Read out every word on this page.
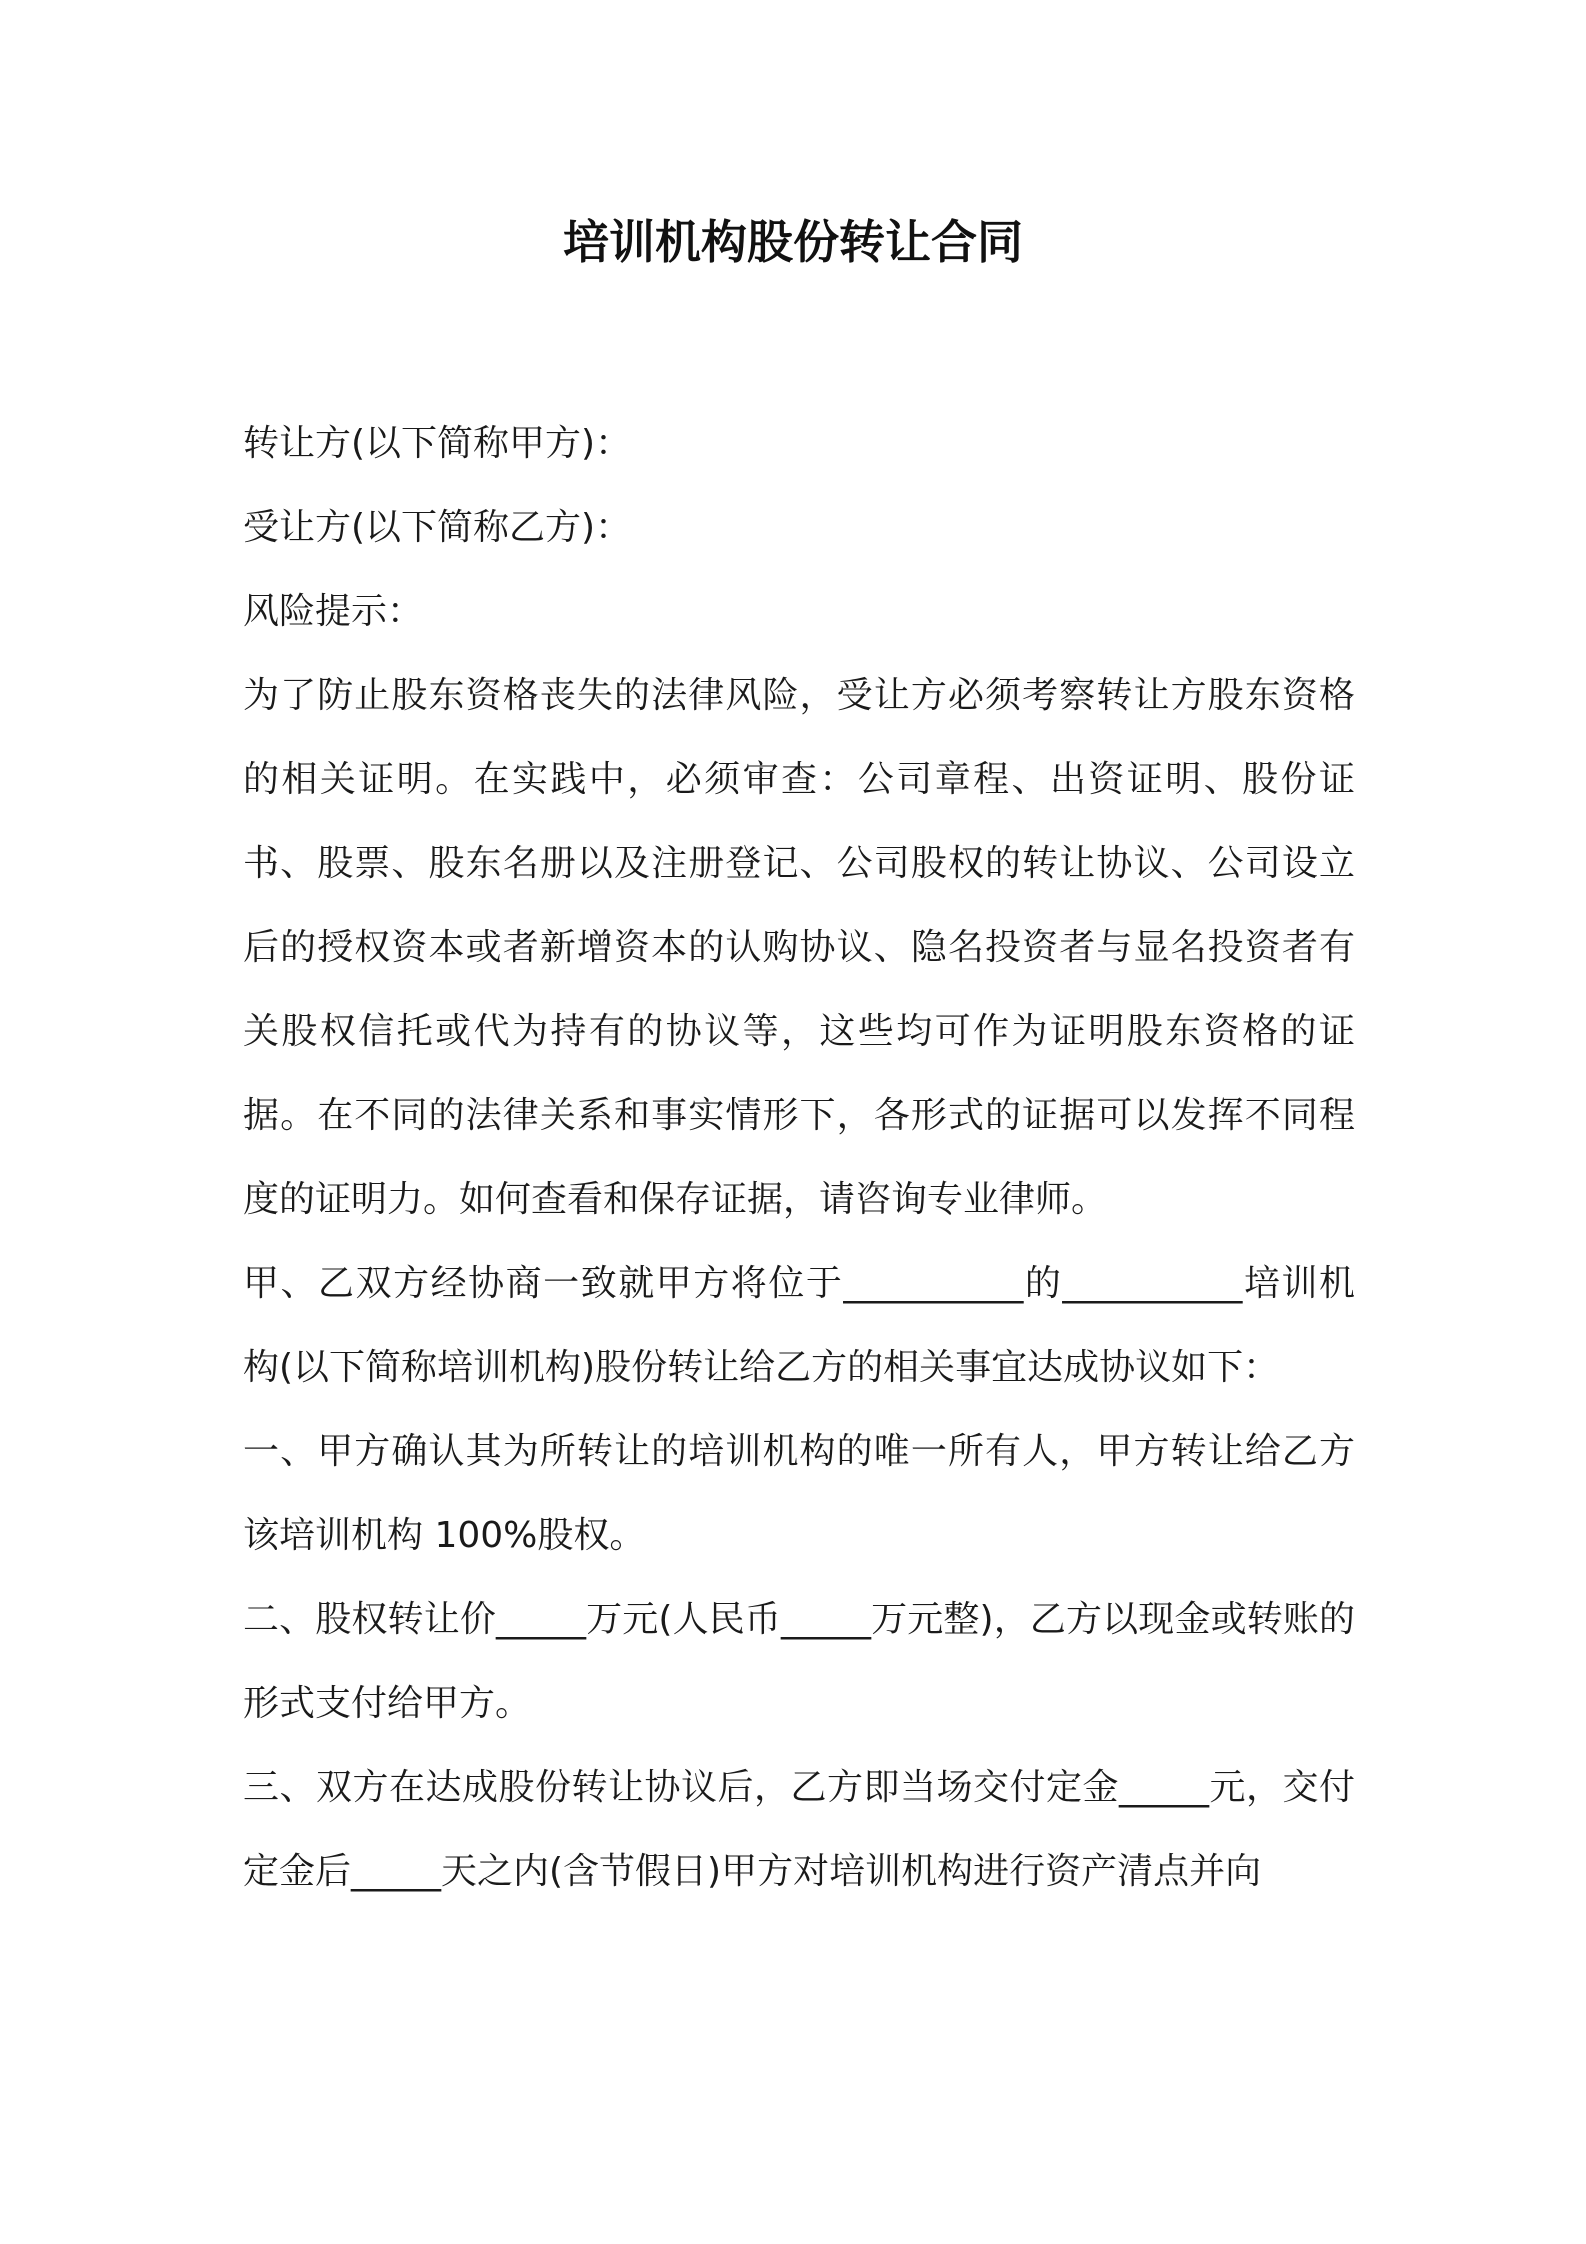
培训机构股份转让合同

转让方(以下简称甲方)：

受让方(以下简称乙方)：

风险提示：

为了防止股东资格丧失的法律风险，受让方必须考察转让方股东资格的相关证明。在实践中，必须审查：公司章程、出资证明、股份证书、股票、股东名册以及注册登记、公司股权的转让协议、公司设立后的授权资本或者新增资本的认购协议、隐名投资者与显名投资者有关股权信托或代为持有的协议等，这些均可作为证明股东资格的证据。在不同的法律关系和事实情形下，各形式的证据可以发挥不同程度的证明力。如何查看和保存证据，请咨询专业律师。

甲、乙双方经协商一致就甲方将位于__________的__________培训机构(以下简称培训机构)股份转让给乙方的相关事宜达成协议如下：

一、甲方确认其为所转让的培训机构的唯一所有人，甲方转让给乙方该培训机构 100%股权。

二、股权转让价_____万元(人民币_____万元整)，乙方以现金或转账的形式支付给甲方。

三、双方在达成股份转让协议后，乙方即当场交付定金_____元，交付定金后_____天之内(含节假日)甲方对培训机构进行资产清点并向
